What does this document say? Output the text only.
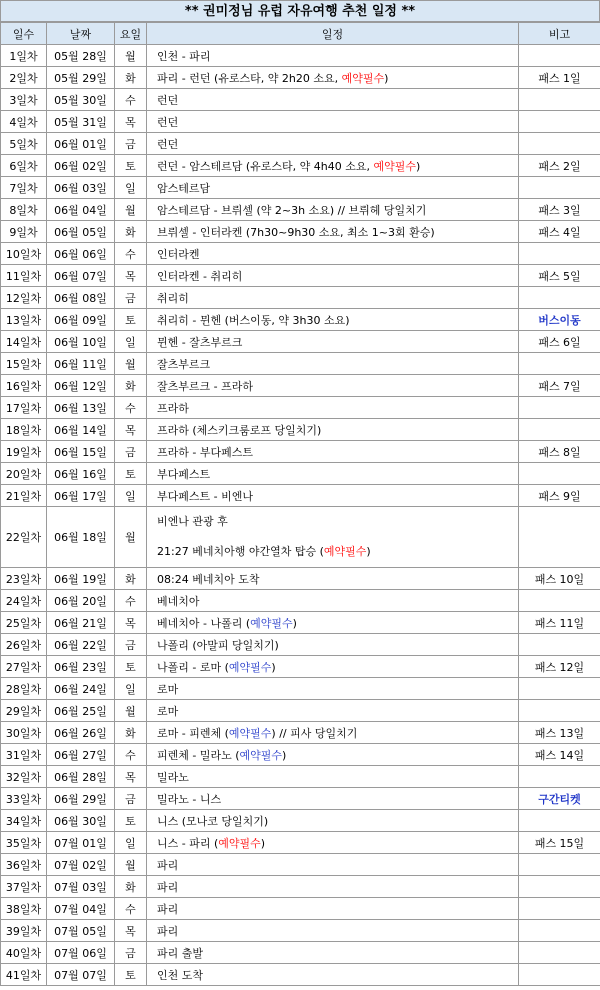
** 권미정님 유럽 자유여행 추천 일정 **
일수	날짜	요일	일정	비고
1일차	05월 28일	월	인천 - 파리	
2일차	05월 29일	화	파리 - 런던 (유로스타, 약 2h20 소요, 예약필수)	패스 1일
3일차	05월 30일	수	런던	
4일차	05월 31일	목	런던	
5일차	06월 01일	금	런던	
6일차	06월 02일	토	런던 - 암스테르담 (유로스타, 약 4h40 소요, 예약필수)	패스 2일
7일차	06월 03일	일	암스테르담	
8일차	06월 04일	월	암스테르담 - 브뤼셀 (약 2~3h 소요) // 브뤼헤 당일치기	패스 3일
9일차	06월 05일	화	브뤼셀 - 인터라켄 (7h30~9h30 소요, 최소 1~3회 환승)	패스 4일
10일차	06월 06일	수	인터라켄	
11일차	06월 07일	목	인터라켄 - 취리히	패스 5일
12일차	06월 08일	금	취리히	
13일차	06월 09일	토	취리히 - 뮌헨 (버스이동, 약 3h30 소요)	버스이동
14일차	06월 10일	일	뮌헨 - 잘츠부르크	패스 6일
15일차	06월 11일	월	잘츠부르크	
16일차	06월 12일	화	잘츠부르크 - 프라하	패스 7일
17일차	06월 13일	수	프라하	
18일차	06월 14일	목	프라하 (체스키크룸로프 당일치기)	
19일차	06월 15일	금	프라하 - 부다페스트	패스 8일
20일차	06월 16일	토	부다페스트	
21일차	06월 17일	일	부다페스트 - 비엔나	패스 9일
22일차	06월 18일	월	비엔나 관광 후
21:27 베네치아행 야간열차 탑승 (예약필수)	
23일차	06월 19일	화	08:24 베네치아 도착	패스 10일
24일차	06월 20일	수	베네치아	
25일차	06월 21일	목	베네치아 - 나폴리 (예약필수)	패스 11일
26일차	06월 22일	금	나폴리 (아말피 당일치기)	
27일차	06월 23일	토	나폴리 - 로마 (예약필수)	패스 12일
28일차	06월 24일	일	로마	
29일차	06월 25일	월	로마	
30일차	06월 26일	화	로마 - 피렌체 (예약필수) // 피사 당일치기	패스 13일
31일차	06월 27일	수	피렌체 - 밀라노 (예약필수)	패스 14일
32일차	06월 28일	목	밀라노	
33일차	06월 29일	금	밀라노 - 니스	구간티켓
34일차	06월 30일	토	니스 (모나코 당일치기)	
35일차	07월 01일	일	니스 - 파리 (예약필수)	패스 15일
36일차	07월 02일	월	파리	
37일차	07월 03일	화	파리	
38일차	07월 04일	수	파리	
39일차	07월 05일	목	파리	
40일차	07월 06일	금	파리 출발	
41일차	07월 07일	토	인천 도착	
